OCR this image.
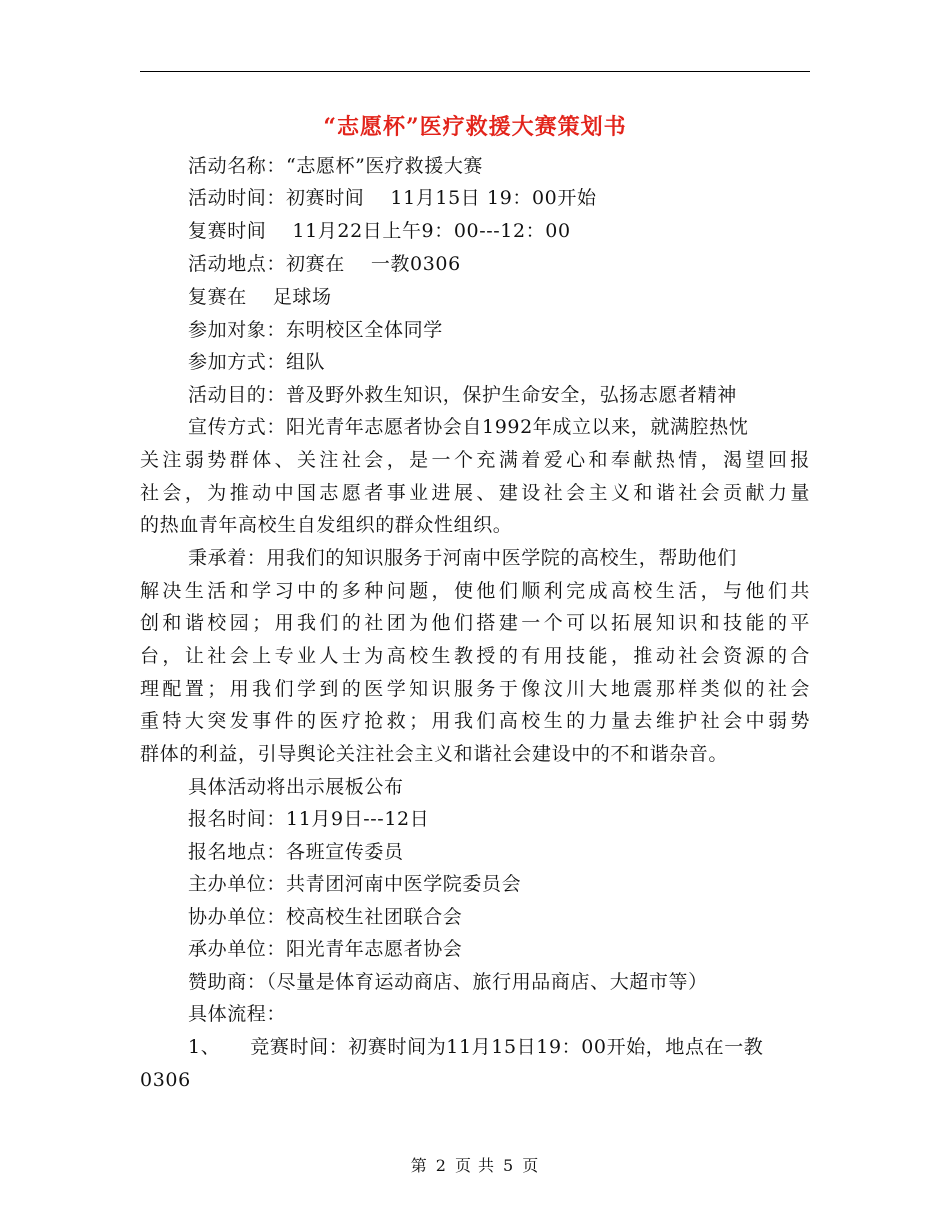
“志愿杯”医疗救援大赛策划书
活动名称：“志愿杯”医疗救援大赛
活动时间：初赛时间 11月15日 19：00开始
复赛时间 11月22日上午9：00---12：00
活动地点：初赛在 一教0306
复赛在 足球场
参加对象：东明校区全体同学
参加方式：组队
活动目的：普及野外救生知识，保护生命安全，弘扬志愿者精神
宣传方式：阳光青年志愿者协会自1992年成立以来，就满腔热忱
关注弱势群体、关注社会，是一个充满着爱心和奉献热情，渴望回报
社会，为推动中国志愿者事业进展、建设社会主义和谐社会贡献力量
的热血青年高校生自发组织的群众性组织。
秉承着：用我们的知识服务于河南中医学院的高校生，帮助他们
解决生活和学习中的多种问题，使他们顺利完成高校生活，与他们共
创和谐校园；用我们的社团为他们搭建一个可以拓展知识和技能的平
台，让社会上专业人士为高校生教授的有用技能，推动社会资源的合
理配置；用我们学到的医学知识服务于像汶川大地震那样类似的社会
重特大突发事件的医疗抢救；用我们高校生的力量去维护社会中弱势
群体的利益，引导舆论关注社会主义和谐社会建设中的不和谐杂音。
具体活动将出示展板公布
报名时间：11月9日---12日
报名地点：各班宣传委员
主办单位：共青团河南中医学院委员会
协办单位：校高校生社团联合会
承办单位：阳光青年志愿者协会
赞助商：（尽量是体育运动商店、旅行用品商店、大超市等）
具体流程：
1、 竞赛时间：初赛时间为11月15日19：00开始，地点在一教
0306
第 2 页 共 5 页
